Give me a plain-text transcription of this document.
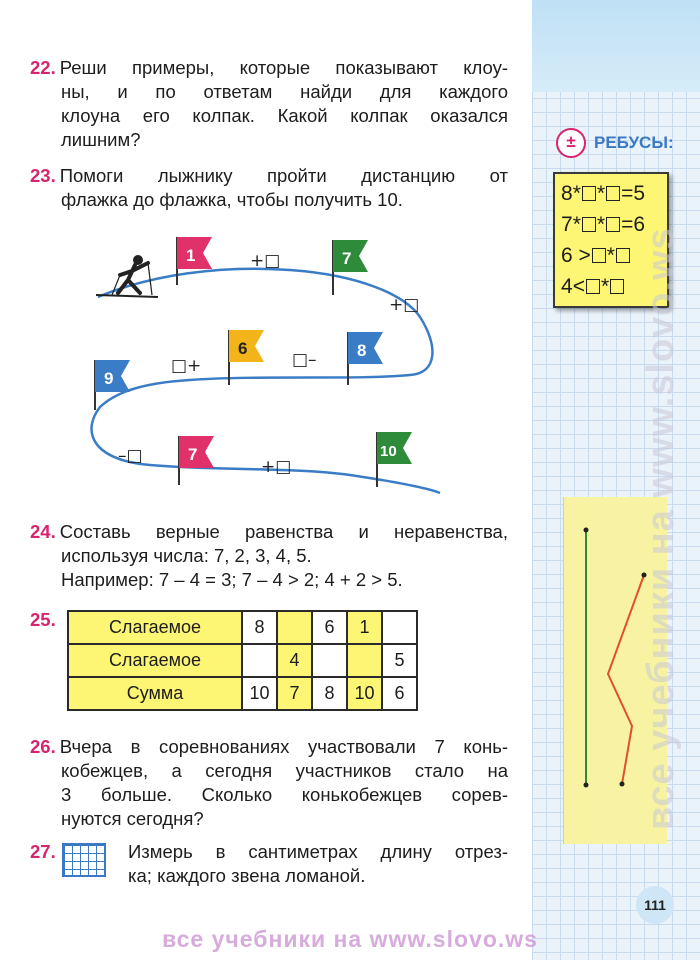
22. Реши примеры, которые показывают клоу-
ны, и по ответам найди для каждого
клоуна его колпак. Какой колпак оказался
лишним?
23. Помоги лыжнику пройти дистанцию от
флажка до флажка, чтобы получить 10.
1	7
8
6
9
7	10
+□
+□
□–
□+
–□
+□
24. Составь верные равенства и неравенства,
используя числа: 7, 2, 3, 4, 5.
Например: 7 – 4 = 3; 7 – 4 > 2; 4 + 2 > 5.
25.	Слагаемое	8		6	1	
Слагаемое		4			5
Сумма	10	7	8	10	6
26. Вчера в соревнованиях участвовали 7 конь-
кобежцев, а сегодня участников стало на
3 больше. Сколько конькобежцев сорев-
нуются сегодня?
27.	Измерь в сантиметрах длину отрез-
ка; каждого звена ломаной.
±	РЕБУСЫ:
8* * =5
7* * =6
6 > *
4< * все учебники на www.slovo.ws
111
все учебники на www.slovo.ws
